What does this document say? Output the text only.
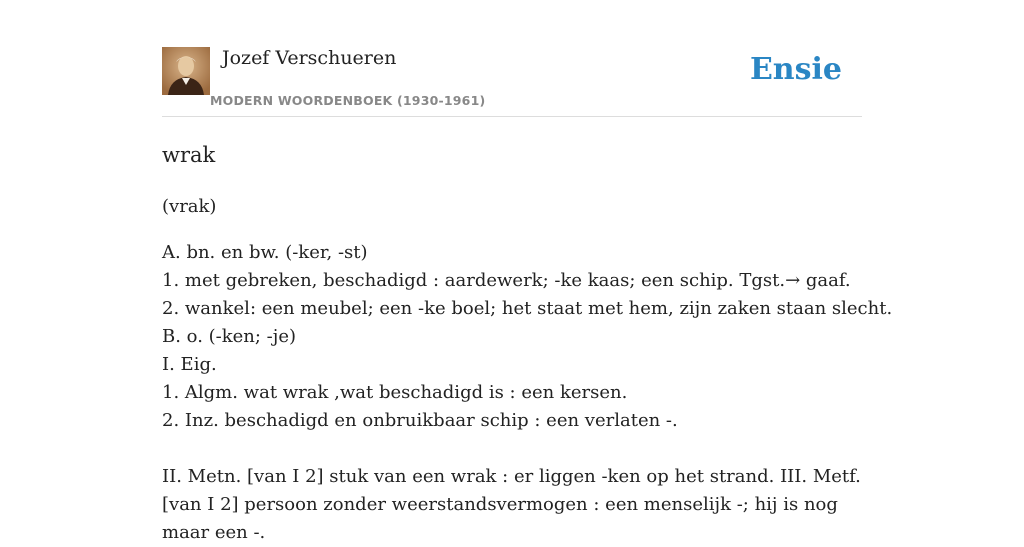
Jozef Verschueren
MODERN WOORDENBOEK (1930-1961)
Ensie
wrak

(vrak)

A. bn. en bw. (-ker, -st)
1. met gebreken, beschadigd : aardewerk; -ke kaas; een schip. Tgst.→ gaaf.
2. wankel: een meubel; een -ke boel; het staat met hem, zijn zaken staan slecht.
B. o. (-ken; -je)
I. Eig.
1. Algm. wat wrak ,wat beschadigd is : een kersen.
2. Inz. beschadigd en onbruikbaar schip : een verlaten -.
II. Metn. [van I 2] stuk van een wrak : er liggen -ken op het strand. III. Metf. [van I 2] persoon zonder weerstandsvermogen : een menselijk -; hij is nog maar een -.
